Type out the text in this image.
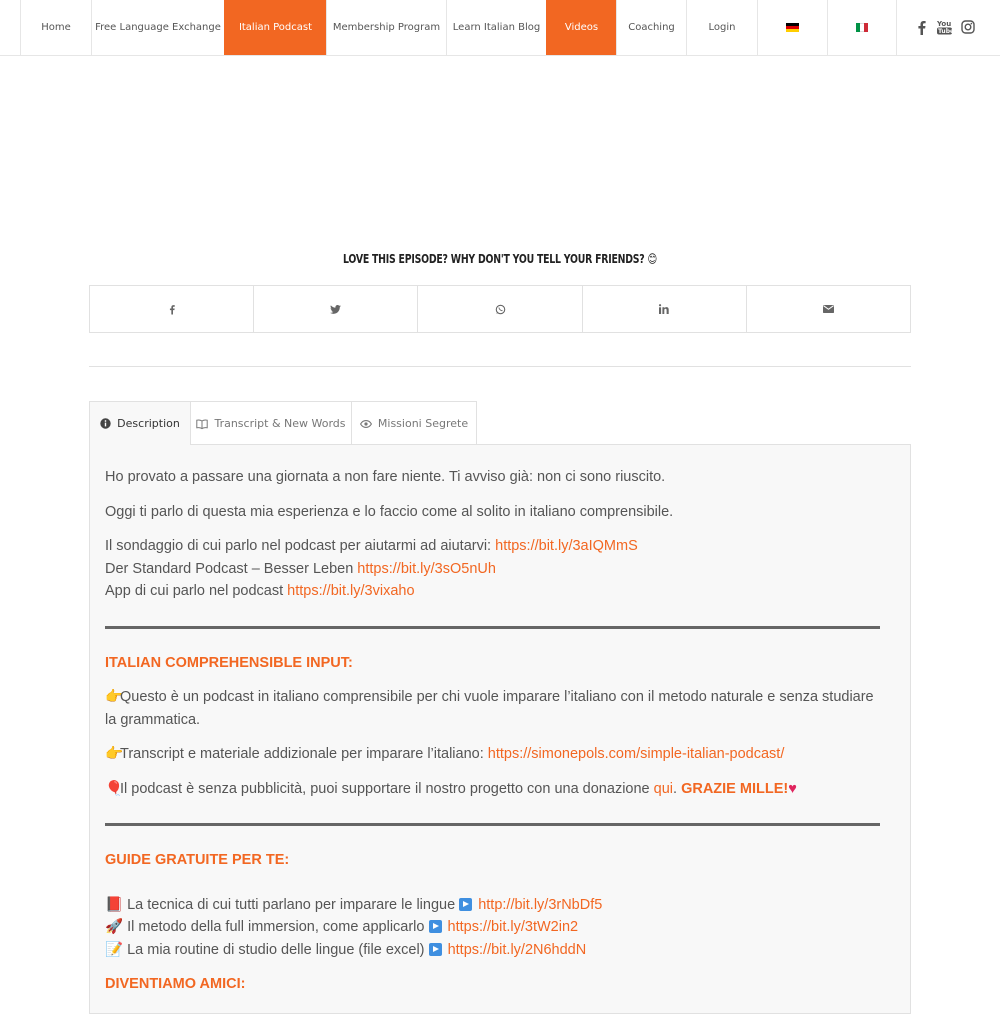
Home Free Language Exchange Italian Podcast Membership Program Learn Italian Blog Videos	Coaching	Login	You
Tube
LOVE THIS EPISODE? WHY DON'T YOU TELL YOUR FRIENDS? 😊
Description	Transcript & New Words	Missioni Segrete

Ho provato a passare una giornata a non fare niente. Ti avviso già: non ci sono riuscito.

Oggi ti parlo di questa mia esperienza e lo faccio come al solito in italiano comprensibile.

Il sondaggio di cui parlo nel podcast per aiutarmi ad aiutarvi: https://bit.ly/3aIQMmS
Der Standard Podcast – Besser Leben https://bit.ly/3sO5nUh
App di cui parlo nel podcast https://bit.ly/3vixaho

ITALIAN COMPREHENSIBLE INPUT:

👉Questo è un podcast in italiano comprensibile per chi vuole imparare l’italiano con il metodo naturale e senza studiare la grammatica.

👉Transcript e materiale addizionale per imparare l’italiano: https://simonepols.com/simple-italian-podcast/

🎈Il podcast è senza pubblicità, puoi supportare il nostro progetto con una donazione qui. GRAZIE MILLE!♥

GUIDE GRATUITE PER TE:

📕 La tecnica di cui tutti parlano per imparare le lingue  http://bit.ly/3rNbDf5
🚀 Il metodo della full immersion, come applicarlo  https://bit.ly/3tW2in2
📝 La mia routine di studio delle lingue (file excel)  https://bit.ly/2N6hddN

DIVENTIAMO AMICI:
